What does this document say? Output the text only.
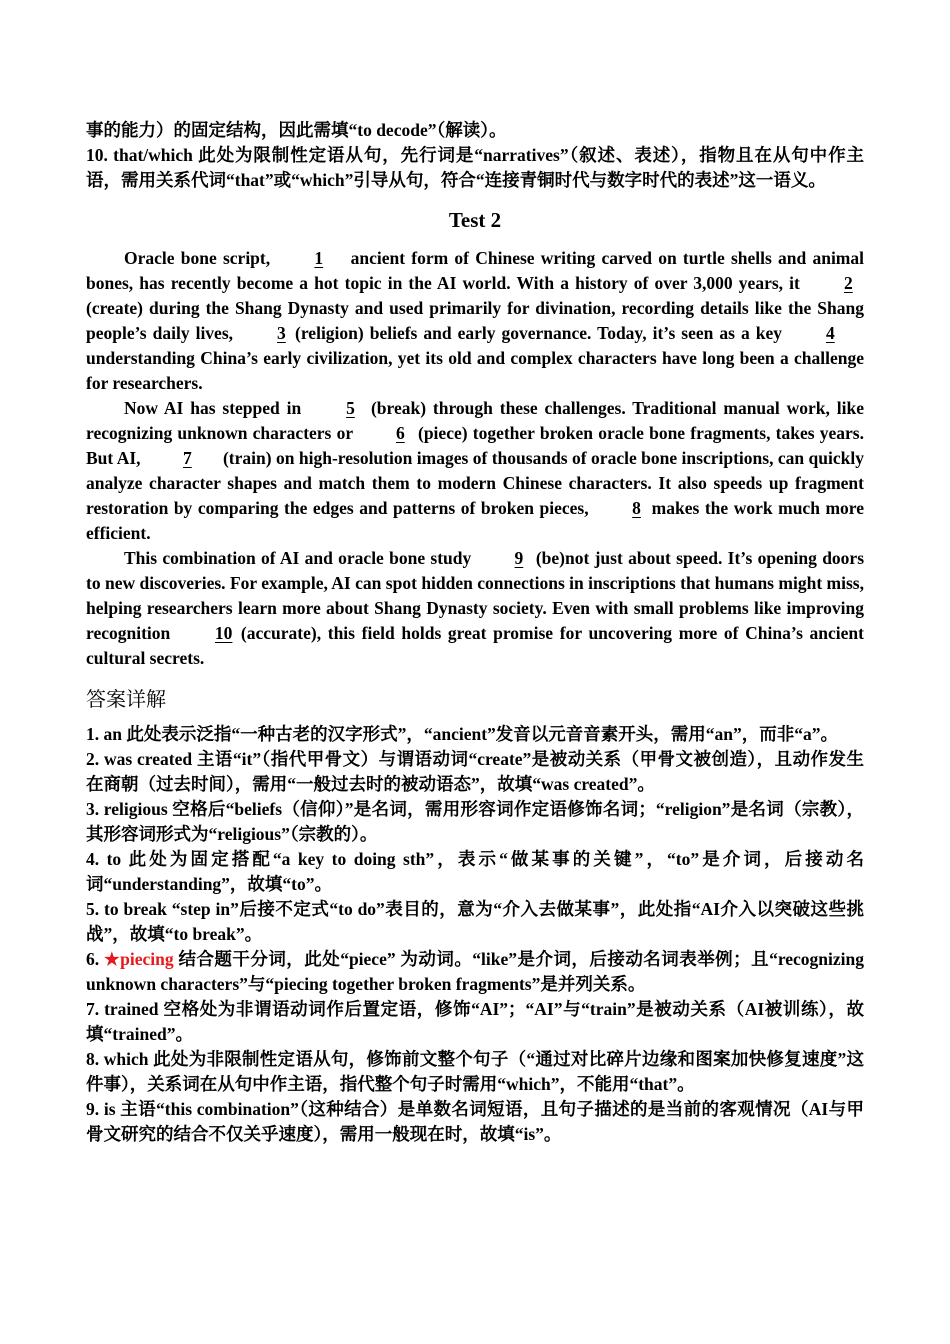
事的能力）的固定结构，因此需填“to decode”（解读）。

10. that/which 此处为限制性定语从句，先行词是“narratives”（叙述、表述），指物且在从句中作主语，需用关系代词“that”或“which”引导从句，符合“连接青铜时代与数字时代的表述”这一语义。

Test 2

Oracle bone script, 1 ancient form of Chinese writing carved on turtle shells and animal bones, has recently become a hot topic in the AI world. With a history of over 3,000 years, it 2(create) during the Shang Dynasty and used primarily for divination, recording details like the Shang people’s daily lives, 3 (religion) beliefs and early governance. Today, it’s seen as a key 4 understanding China’s early civilization, yet its old and complex characters have long been a challenge for researchers.

Now AI has stepped in 5 (break) through these challenges. Traditional manual work, like recognizing unknown characters or 6 (piece) together broken oracle bone fragments, takes years. But AI, 7 (train) on high-resolution images of thousands of oracle bone inscriptions, can quickly analyze character shapes and match them to modern Chinese characters. It also speeds up fragment restoration by comparing the edges and patterns of broken pieces, 8 makes the work much more efficient.

This combination of AI and oracle bone study 9 (be)not just about speed. It’s opening doors to new discoveries. For example, AI can spot hidden connections in inscriptions that humans might miss, helping researchers learn more about Shang Dynasty society. Even with small problems like improving recognition 10 (accurate), this field holds great promise for uncovering more of China’s ancient cultural secrets.

答案详解

1. an 此处表示泛指“一种古老的汉字形式”，“ancient”发音以元音音素开头，需用“an”，而非“a”。

2. was created 主语“it”（指代甲骨文）与谓语动词“create”是被动关系（甲骨文被创造），且动作发生在商朝（过去时间），需用“一般过去时的被动语态”，故填“was created”。

3. religious 空格后“beliefs（信仰）”是名词，需用形容词作定语修饰名词；“religion”是名词（宗教），其形容词形式为“religious”（宗教的）。

4. to 此处为固定搭配“a key to doing sth”，表示“做某事的关键”，“to”是介词，后接动名词“understanding”，故填“to”。

5. to break “step in”后接不定式“to do”表目的，意为“介入去做某事”，此处指“AI介入以突破这些挑战”，故填“to break”。

6. ★piecing 结合题干分词，此处“piece” 为动词。“like”是介词，后接动名词表举例；且“recognizing unknown characters”与“piecing together broken fragments”是并列关系。

7. trained 空格处为非谓语动词作后置定语，修饰“AI”；“AI”与“train”是被动关系（AI被训练），故填“trained”。

8. which 此处为非限制性定语从句，修饰前文整个句子（“通过对比碎片边缘和图案加快修复速度”这件事），关系词在从句中作主语，指代整个句子时需用“which”，不能用“that”。

9. is 主语“this combination”（这种结合）是单数名词短语，且句子描述的是当前的客观情况（AI与甲骨文研究的结合不仅关乎速度），需用一般现在时，故填“is”。
